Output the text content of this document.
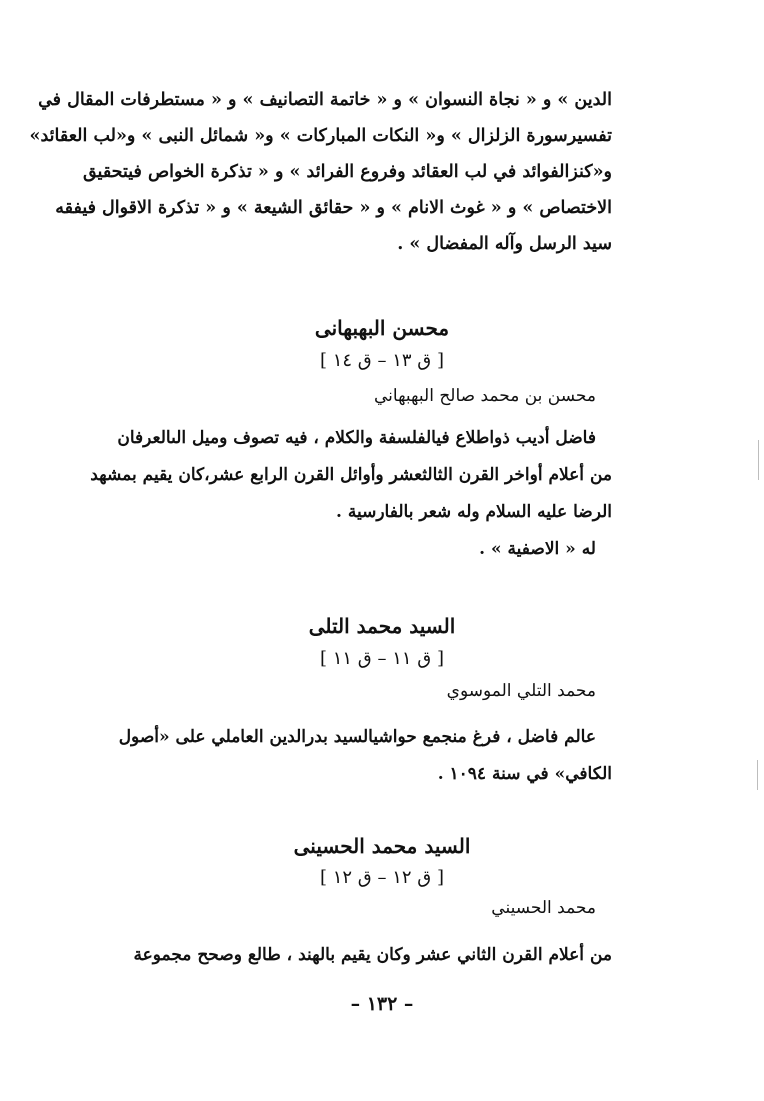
الدين » و « نجاة النسوان » و « خاتمة التصانيف » و « مستطرفات المقال في
تفسيرسورة الزلزال » و« النكات المباركات » و« شمائل النبى » و«لب العقائد»
و«كنزالفوائد في لب العقائد وفروع الفرائد » و « تذكرة الخواص فيتحقيق
الاختصاص » و « غوث الانام » و « حقائق الشيعة » و « تذكرة الاقوال فيفقه
سيد الرسل وآله المفضال » .
محسن البهبهانى
[ ق ١٣ – ق ١٤ ]
محسن بن محمد صالح البهبهاني
فاضل أديب ذواطلاع فيالفلسفة والكلام ، فيه تصوف وميل الىالعرفان
من أعلام أواخر القرن الثالثعشر وأوائل القرن الرابع عشر،كان يقيم بمشهد
الرضا عليه السلام وله شعر بالفارسية .
له « الاصفية » .
السيد محمد التلى
[ ق ١١ – ق ١١ ]
محمد التلي الموسوي
عالم فاضل ، فرغ منجمع حواشيالسيد بدرالدين العاملي على «أصول
الكافي» في سنة ١٠٩٤ .
السيد محمد الحسينى
[ ق ١٢ – ق ١٢ ]
محمد الحسيني
من أعلام القرن الثاني عشر وكان يقيم بالهند ، طالع وصحح مجموعة
– ١٣٢ –
